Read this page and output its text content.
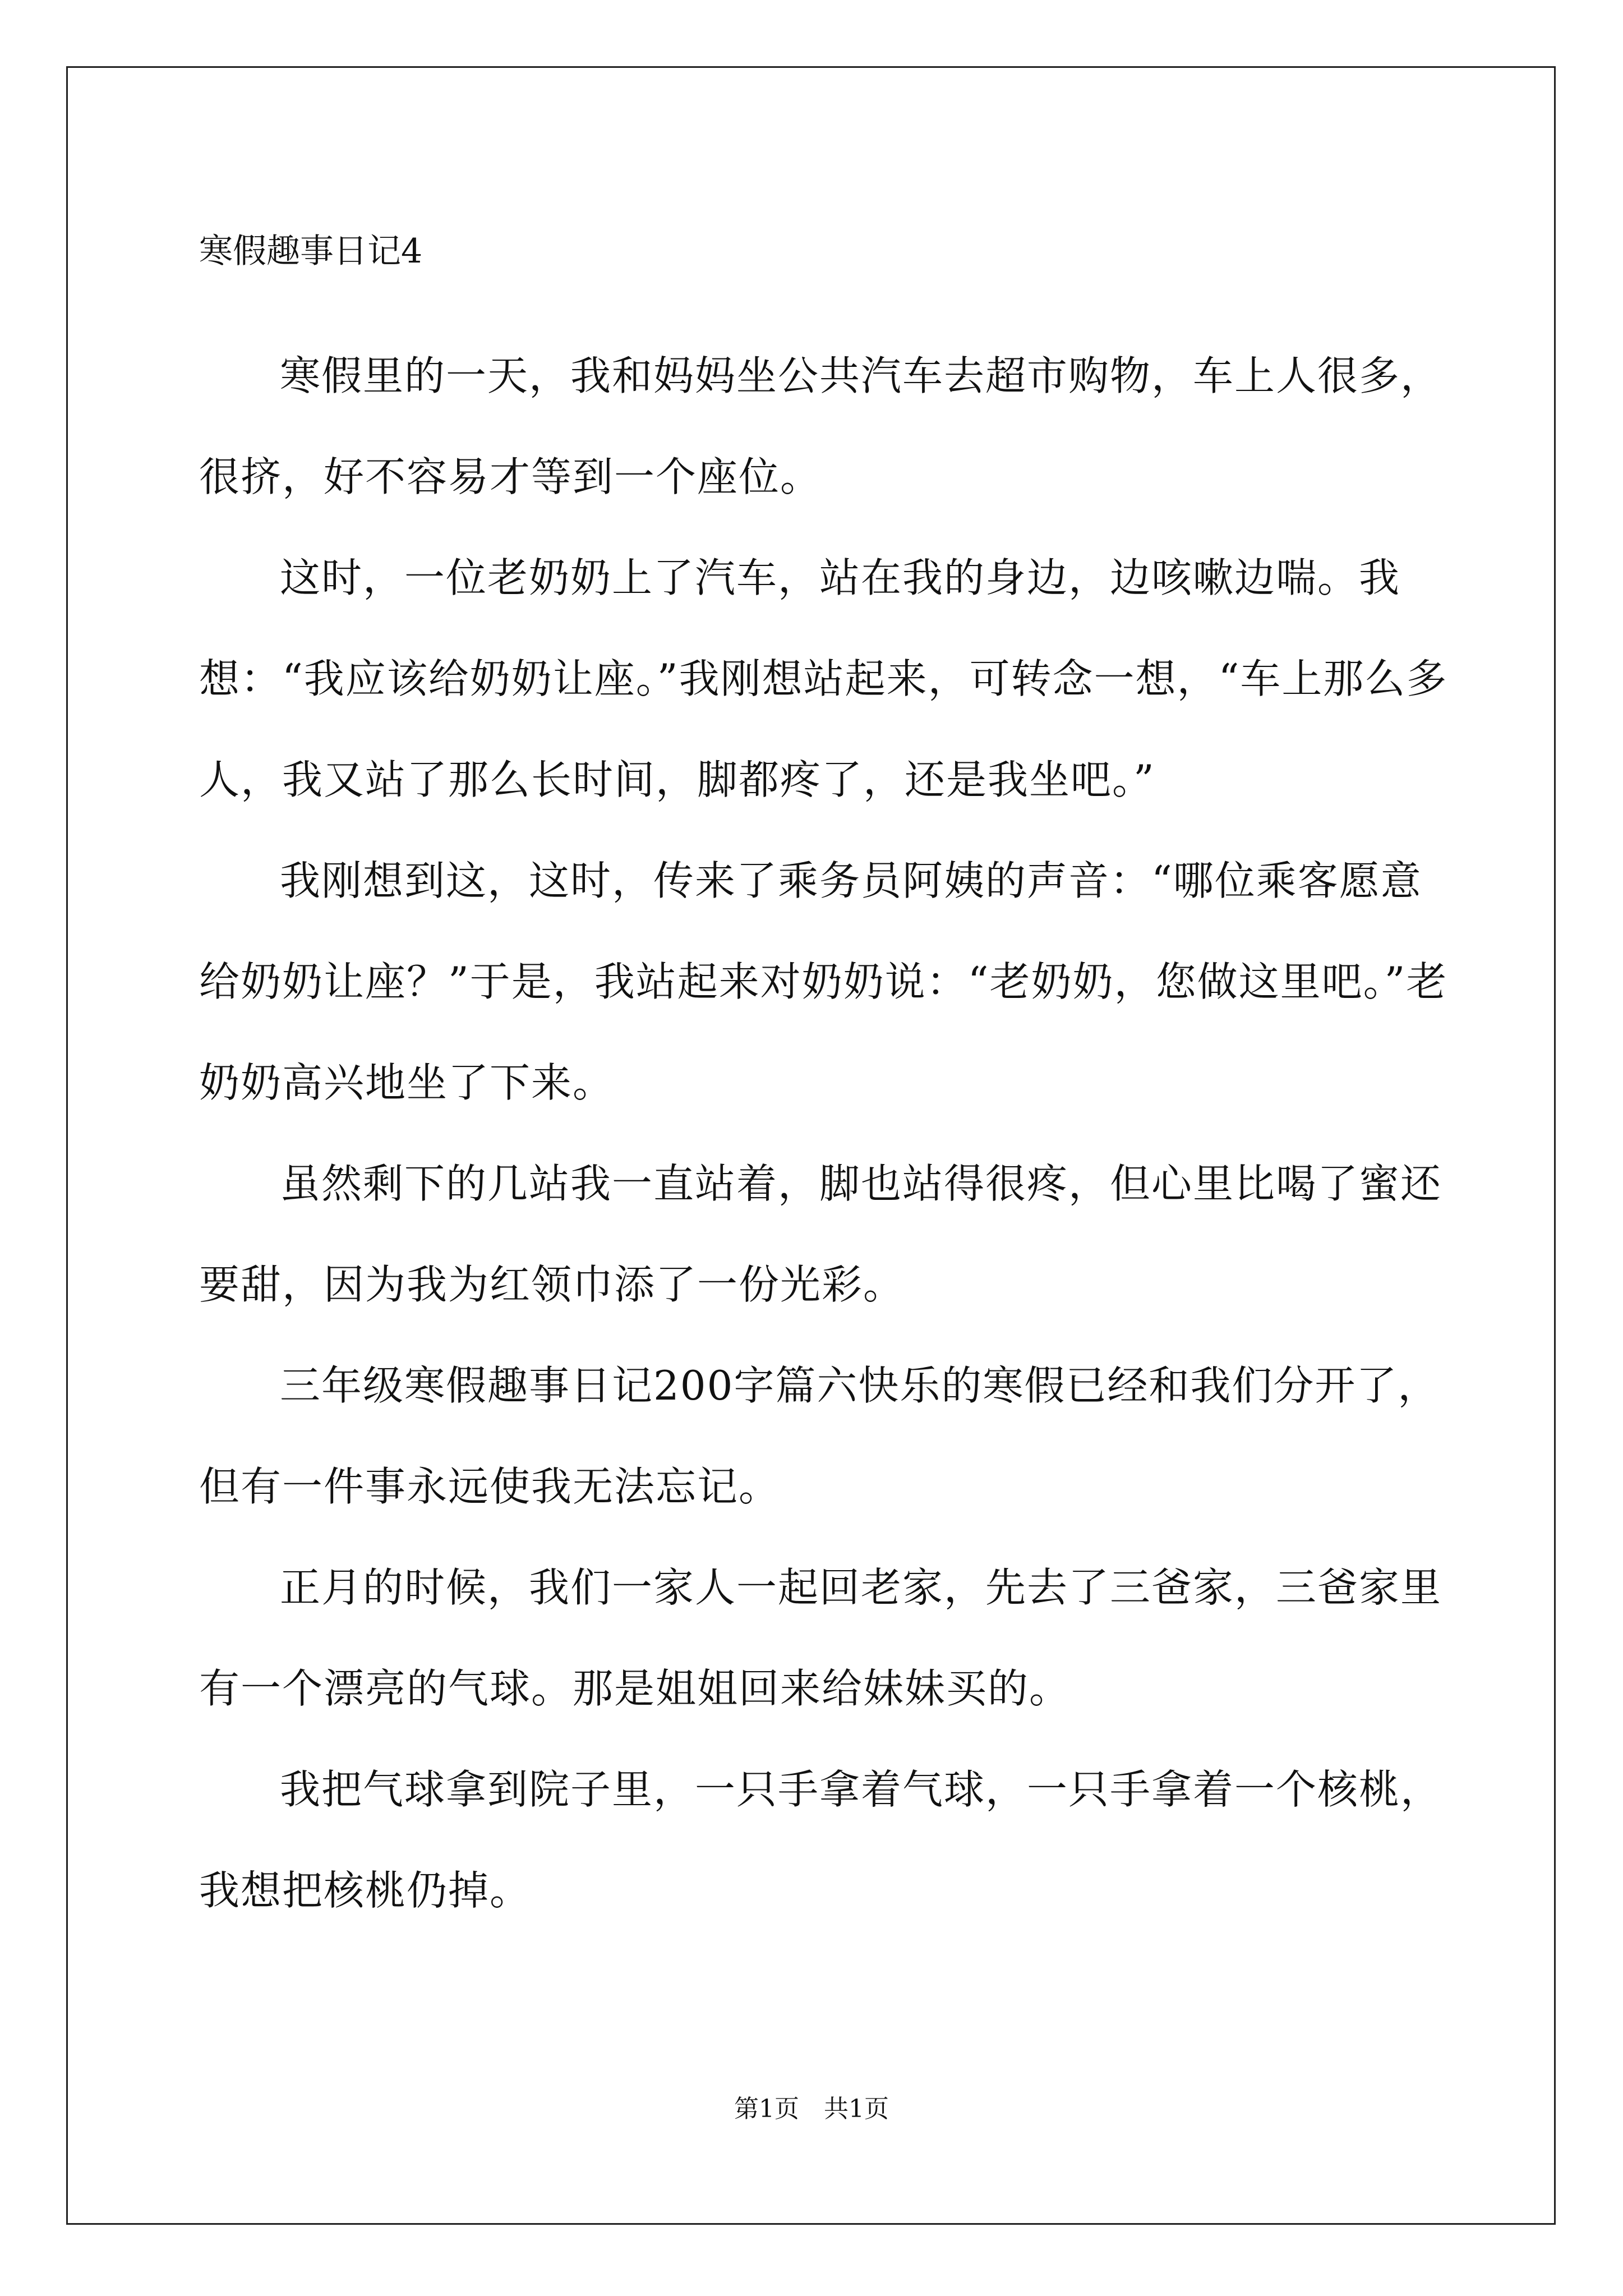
寒假趣事日记4

寒假里的一天，我和妈妈坐公共汽车去超市购物，车上人很多，很挤，好不容易才等到一个座位。

这时，一位老奶奶上了汽车，站在我的身边，边咳嗽边喘。我想：“我应该给奶奶让座。”我刚想站起来，可转念一想，“车上那么多人，我又站了那么长时间，脚都疼了，还是我坐吧。”

我刚想到这，这时，传来了乘务员阿姨的声音：“哪位乘客愿意给奶奶让座？”于是，我站起来对奶奶说：“老奶奶，您做这里吧。”老奶奶高兴地坐了下来。

虽然剩下的几站我一直站着，脚也站得很疼，但心里比喝了蜜还要甜，因为我为红领巾添了一份光彩。

三年级寒假趣事日记200字篇六快乐的寒假已经和我们分开了，但有一件事永远使我无法忘记。

正月的时候，我们一家人一起回老家，先去了三爸家，三爸家里有一个漂亮的气球。那是姐姐回来给妹妹买的。

我把气球拿到院子里，一只手拿着气球，一只手拿着一个核桃，我想把核桃仍掉。

第1页　共1页
